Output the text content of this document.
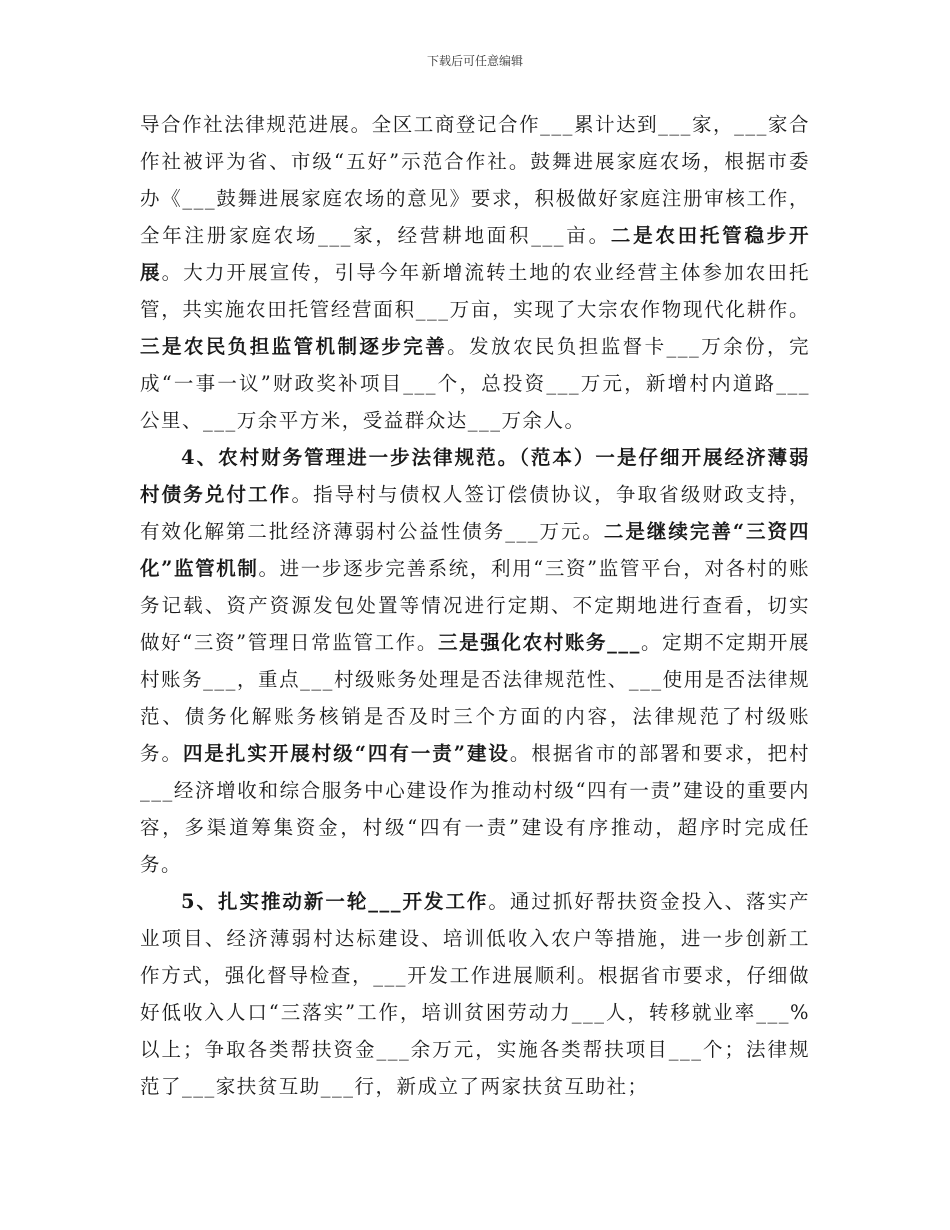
下载后可任意编辑

导合作社法律规范进展。全区工商登记合作___累计达到___家，___家合作社被评为省、市级“五好”示范合作社。鼓舞进展家庭农场，根据市委办《___鼓舞进展家庭农场的意见》要求，积极做好家庭注册审核工作，全年注册家庭农场___家，经营耕地面积___亩。二是农田托管稳步开展。大力开展宣传，引导今年新增流转土地的农业经营主体参加农田托管，共实施农田托管经营面积___万亩，实现了大宗农作物现代化耕作。三是农民负担监管机制逐步完善。发放农民负担监督卡___万余份，完成“一事一议”财政奖补项目___个，总投资___万元，新增村内道路___公里、___万余平方米，受益群众达___万余人。

4、农村财务管理进一步法律规范。（范本）一是仔细开展经济薄弱村债务兑付工作。指导村与债权人签订偿债协议，争取省级财政支持，有效化解第二批经济薄弱村公益性债务___万元。二是继续完善“三资四化”监管机制。进一步逐步完善系统，利用“三资”监管平台，对各村的账务记载、资产资源发包处置等情况进行定期、不定期地进行查看，切实做好“三资”管理日常监管工作。三是强化农村账务___。定期不定期开展村账务___，重点___村级账务处理是否法律规范性、___使用是否法律规范、债务化解账务核销是否及时三个方面的内容，法律规范了村级账务。四是扎实开展村级“四有一责”建设。根据省市的部署和要求，把村___经济增收和综合服务中心建设作为推动村级“四有一责”建设的重要内容，多渠道筹集资金，村级“四有一责”建设有序推动，超序时完成任务。

5、扎实推动新一轮___开发工作。通过抓好帮扶资金投入、落实产业项目、经济薄弱村达标建设、培训低收入农户等措施，进一步创新工作方式，强化督导检查，___开发工作进展顺利。根据省市要求，仔细做好低收入人口“三落实”工作，培训贫困劳动力___人，转移就业率___%以上；争取各类帮扶资金___余万元，实施各类帮扶项目___个；法律规范了___家扶贫互助___行，新成立了两家扶贫互助社；
